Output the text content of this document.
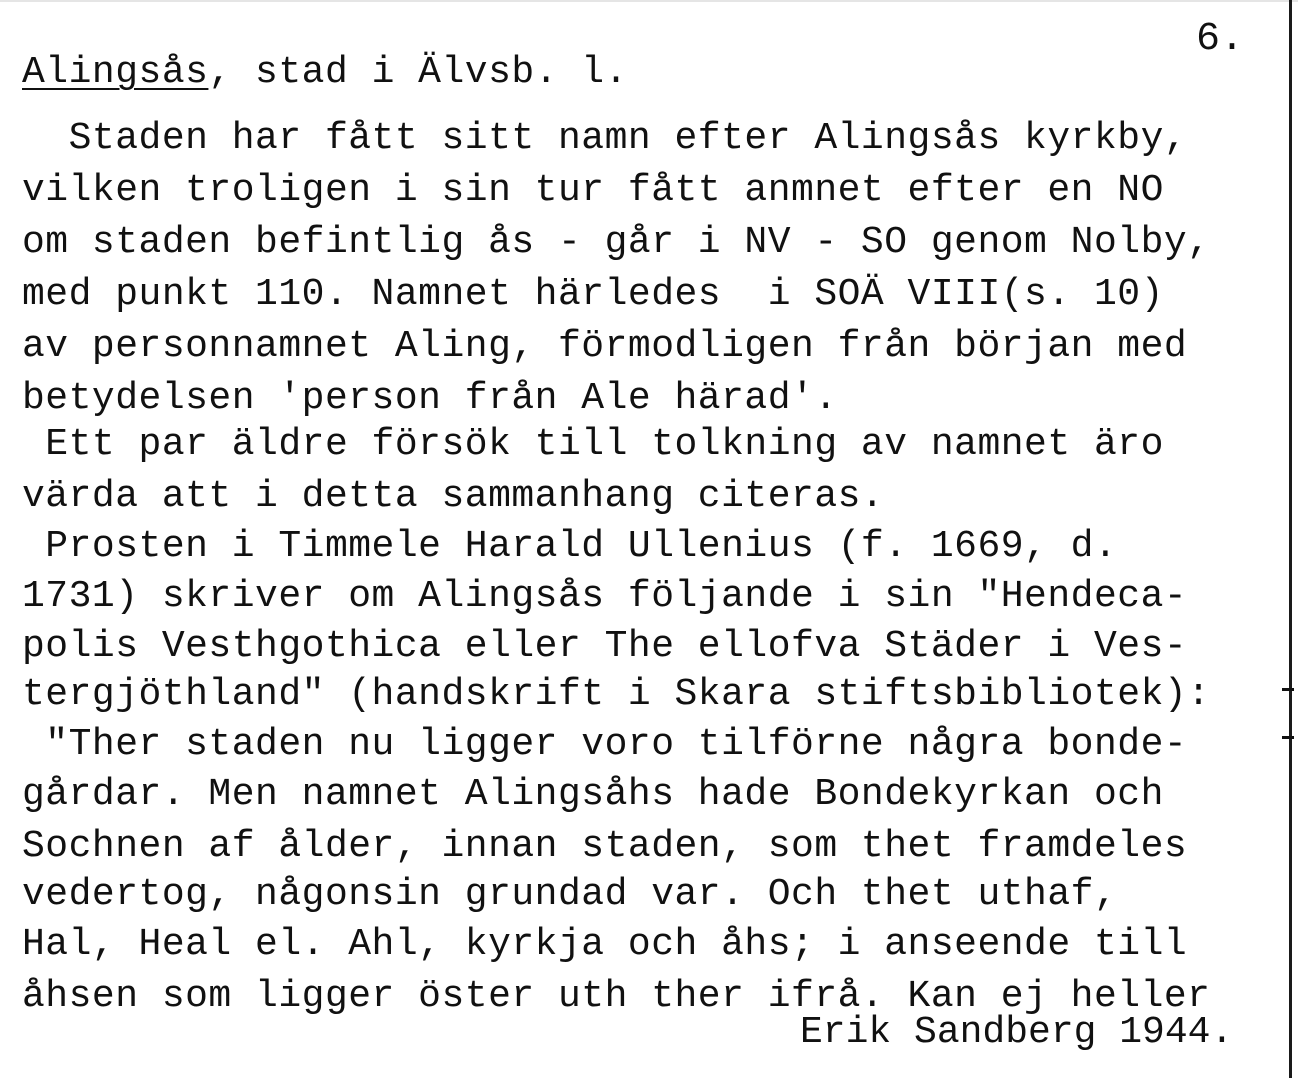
6.
Alingsås, stad i Älvsb. l.
Staden har fått sitt namn efter Alingsås kyrkby,
vilken troligen i sin tur fått anmnet efter en NO
om staden befintlig ås - går i NV - SO genom Nolby,
med punkt 110. Namnet härledes  i SOÄ VIII(s. 10)
av personnamnet Aling, förmodligen från början med
betydelsen 'person från Ale härad'.
Ett par äldre försök till tolkning av namnet äro
värda att i detta sammanhang citeras.
Prosten i Timmele Harald Ullenius (f. 1669, d.
1731) skriver om Alingsås följande i sin "Hendeca-
polis Vesthgothica eller The ellofva Städer i Ves-
tergjöthland" (handskrift i Skara stiftsbibliotek):
"Ther staden nu ligger voro tilförne några bonde-
gårdar. Men namnet Alingsåhs hade Bondekyrkan och
Sochnen af ålder, innan staden, som thet framdeles
vedertog, någonsin grundad var. Och thet uthaf,
Hal, Heal el. Ahl, kyrkja och åhs; i anseende till
åhsen som ligger öster uth ther ifrå. Kan ej heller
Erik Sandberg 1944.
